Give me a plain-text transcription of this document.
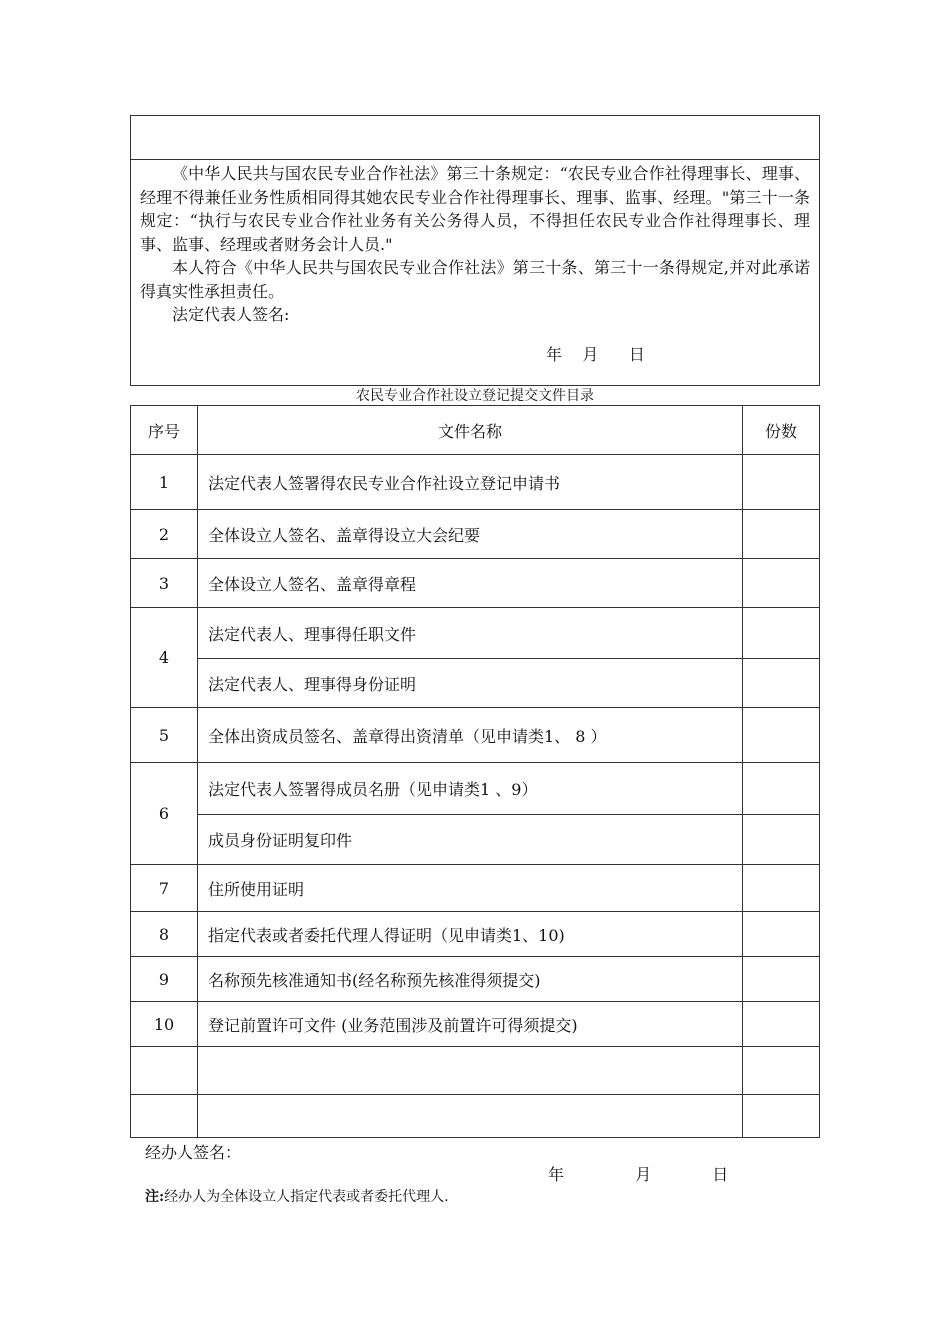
《中华人民共与国农民专业合作社法》第三十条规定：“农民专业合作社得理事长、理事、经理不得兼任业务性质相同得其她农民专业合作社得理事长、理事、监事、经理。"第三十一条规定：“执行与农民专业合作社业务有关公务得人员，不得担任农民专业合作社得理事长、理事、监事、经理或者财务会计人员."

本人符合《中华人民共与国农民专业合作社法》第三十条、第三十一条得规定,并对此承诺得真实性承担责任。

法定代表人签名:

年    月      日
农民专业合作社设立登记提交文件目录
序号	文件名称	份数
1	法定代表人签署得农民专业合作社设立登记申请书	
2	全体设立人签名、盖章得设立大会纪要	
3	全体设立人签名、盖章得章程	
4	法定代表人、理事得任职文件	
	法定代表人、理事得身份证明	
5	全体出资成员签名、盖章得出资清单（见申请类1、 8 ）	
6	法定代表人签署得成员名册（见申请类1 、9）	
	成员身份证明复印件	
7	住所使用证明	
8	指定代表或者委托代理人得证明（见申请类1、10)	
9	名称预先核准通知书(经名称预先核准得须提交)	
10	登记前置许可文件 (业务范围涉及前置许可得须提交)	

经办人签名：
年              月            日
注:经办人为全体设立人指定代表或者委托代理人.
